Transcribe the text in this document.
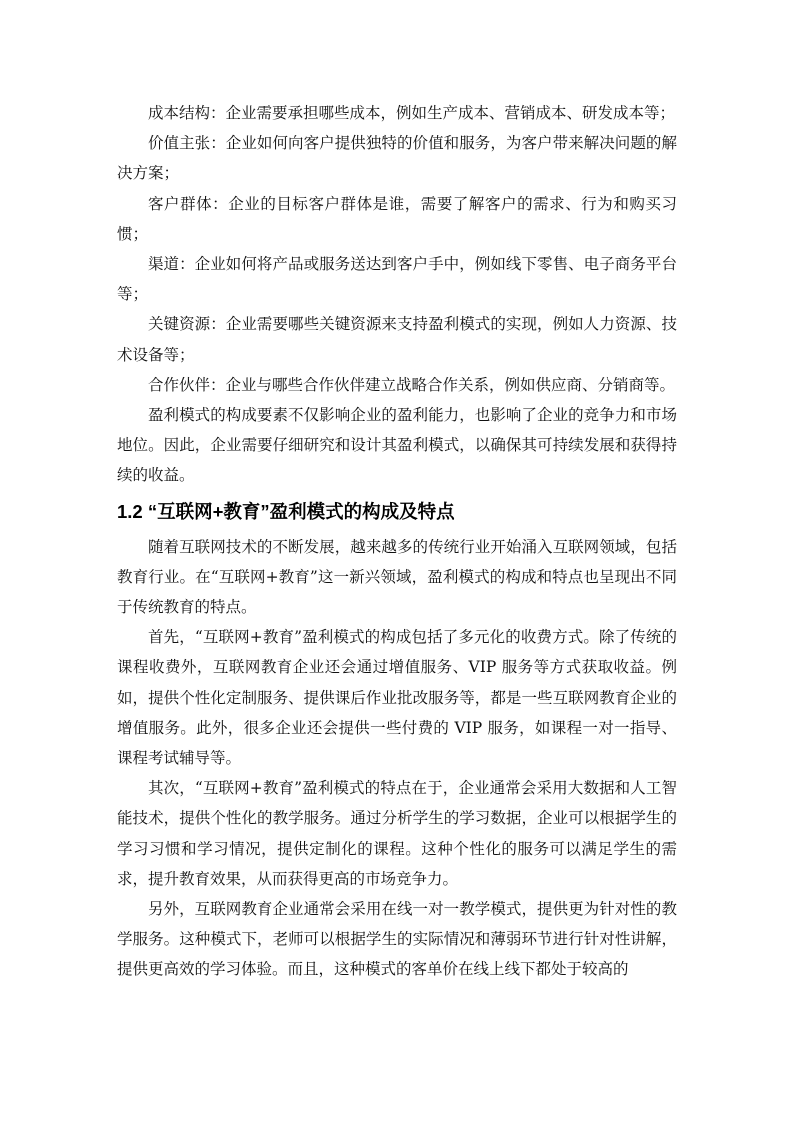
成本结构：企业需要承担哪些成本，例如生产成本、营销成本、研发成本等；

价值主张：企业如何向客户提供独特的价值和服务，为客户带来解决问题的解决方案；

客户群体：企业的目标客户群体是谁，需要了解客户的需求、行为和购买习惯；

渠道：企业如何将产品或服务送达到客户手中，例如线下零售、电子商务平台等；

关键资源：企业需要哪些关键资源来支持盈利模式的实现，例如人力资源、技术设备等；

合作伙伴：企业与哪些合作伙伴建立战略合作关系，例如供应商、分销商等。

盈利模式的构成要素不仅影响企业的盈利能力，也影响了企业的竞争力和市场地位。因此，企业需要仔细研究和设计其盈利模式，以确保其可持续发展和获得持续的收益。

1.2 “互联网+教育”盈利模式的构成及特点

随着互联网技术的不断发展，越来越多的传统行业开始涌入互联网领域，包括教育行业。在“互联网+教育”这一新兴领域，盈利模式的构成和特点也呈现出不同于传统教育的特点。

首先，“互联网+教育”盈利模式的构成包括了多元化的收费方式。除了传统的课程收费外，互联网教育企业还会通过增值服务、VIP 服务等方式获取收益。例如，提供个性化定制服务、提供课后作业批改服务等，都是一些互联网教育企业的增值服务。此外，很多企业还会提供一些付费的 VIP 服务，如课程一对一指导、课程考试辅导等。

其次，“互联网+教育”盈利模式的特点在于，企业通常会采用大数据和人工智能技术，提供个性化的教学服务。通过分析学生的学习数据，企业可以根据学生的学习习惯和学习情况，提供定制化的课程。这种个性化的服务可以满足学生的需求，提升教育效果，从而获得更高的市场竞争力。

另外，互联网教育企业通常会采用在线一对一教学模式，提供更为针对性的教学服务。这种模式下，老师可以根据学生的实际情况和薄弱环节进行针对性讲解，提供更高效的学习体验。而且，这种模式的客单价在线上线下都处于较高的
